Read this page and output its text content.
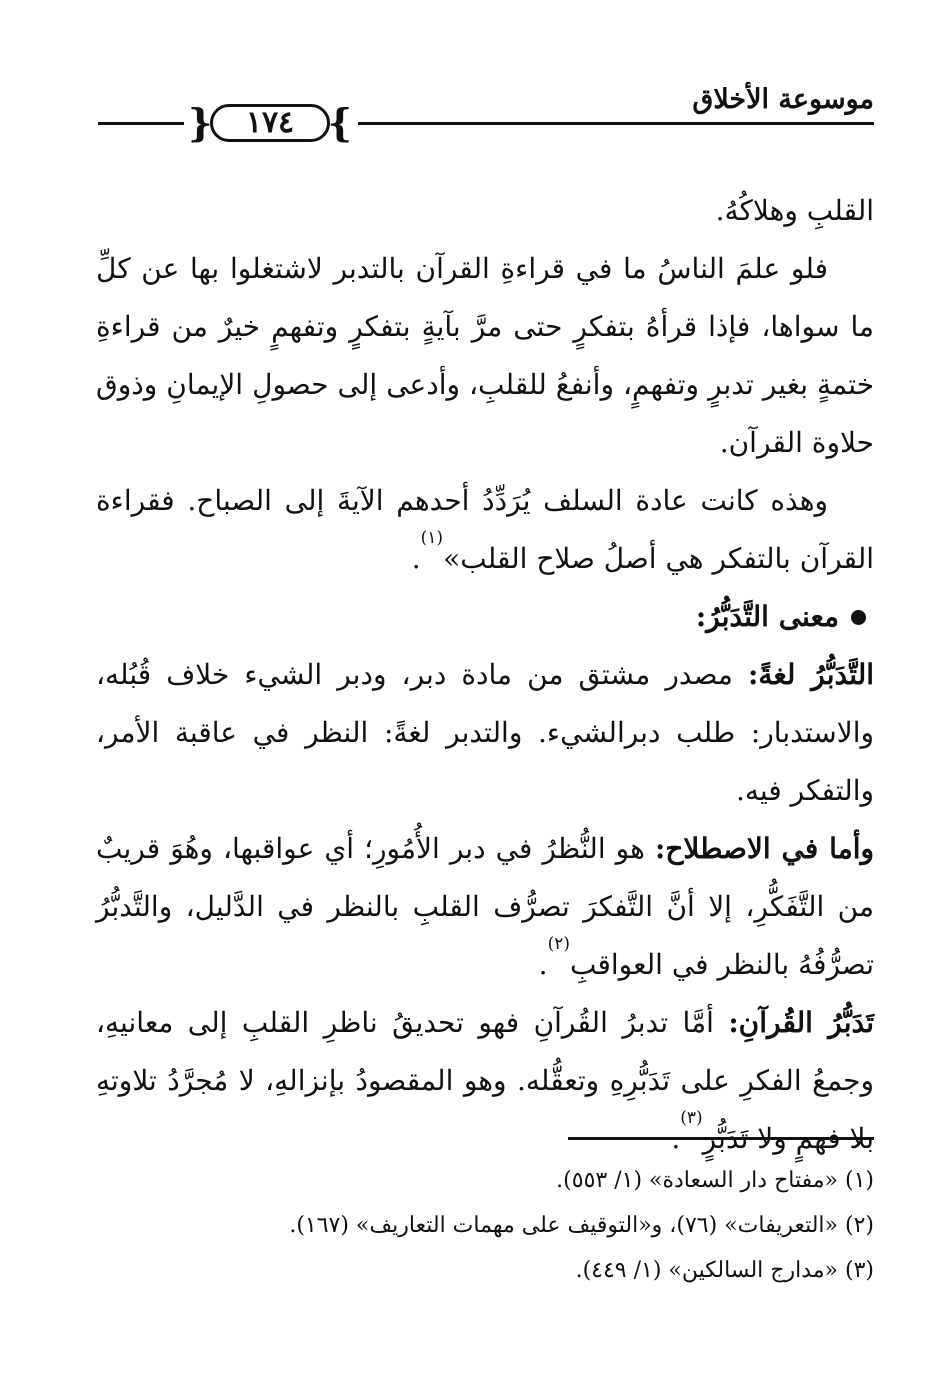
موسوعة الأخلاق
}
١٧٤
{

القلبِ وهلاكُهُ.

فلو علمَ الناسُ ما في قراءةِ القرآن بالتدبر لاشتغلوا بها عن كلِّ ما سواها، فإذا قرأهُ بتفكرٍ حتى مرَّ بآيةٍ بتفكرٍ وتفهمٍ خيرٌ من قراءةِ ختمةٍ بغير تدبرٍ وتفهمٍ، وأنفعُ للقلبِ، وأدعى إلى حصولِ الإيمانِ وذوق حلاوة القرآن.

وهذه كانت عادة السلف يُرَدِّدُ أحدهم الآيةَ إلى الصباح. فقراءة القرآن بالتفكر هي أصلُ صلاح القلب»$^{(١)}$.

معنى التَّدَبُّرُ:

التَّدَبُّرُ لغةً: مصدر مشتق من مادة دبر، ودبر الشيء خلاف قُبُله، والاستدبار: طلب دبرالشيء. والتدبر لغةً: النظر في عاقبة الأمر، والتفكر فيه.

وأما في الاصطلاح: هو النُّظرُ في دبر الأُمُورِ؛ أي عواقبها، وهُوَ قريبٌ من التَّفَكُّرِ، إلا أنَّ التَّفكرَ تصرُّف القلبِ بالنظر في الدَّليل، والتَّدبُّرُ تصرُّفُهُ بالنظر في العواقبِ$^{(٢)}$.

تَدَبُّرُ القُرآنِ: أمَّا تدبرُ القُرآنِ فهو تحديقُ ناظرِ القلبِ إلى معانيهِ، وجمعُ الفكرِ على تَدَبُّرِهِ وتعقُّله. وهو المقصودُ بإنزالهِ، لا مُجرَّدُ تلاوتهِ بلا فهمٍ ولا تَدَبُّرٍ$^{(٣)}$.

(١) «مفتاح دار السعادة» (١/ ٥٥٣).

(٢) «التعريفات» (٧٦)، و«التوقيف على مهمات التعاريف» (١٦٧).

(٣) «مدارج السالكين» (١/ ٤٤٩).
